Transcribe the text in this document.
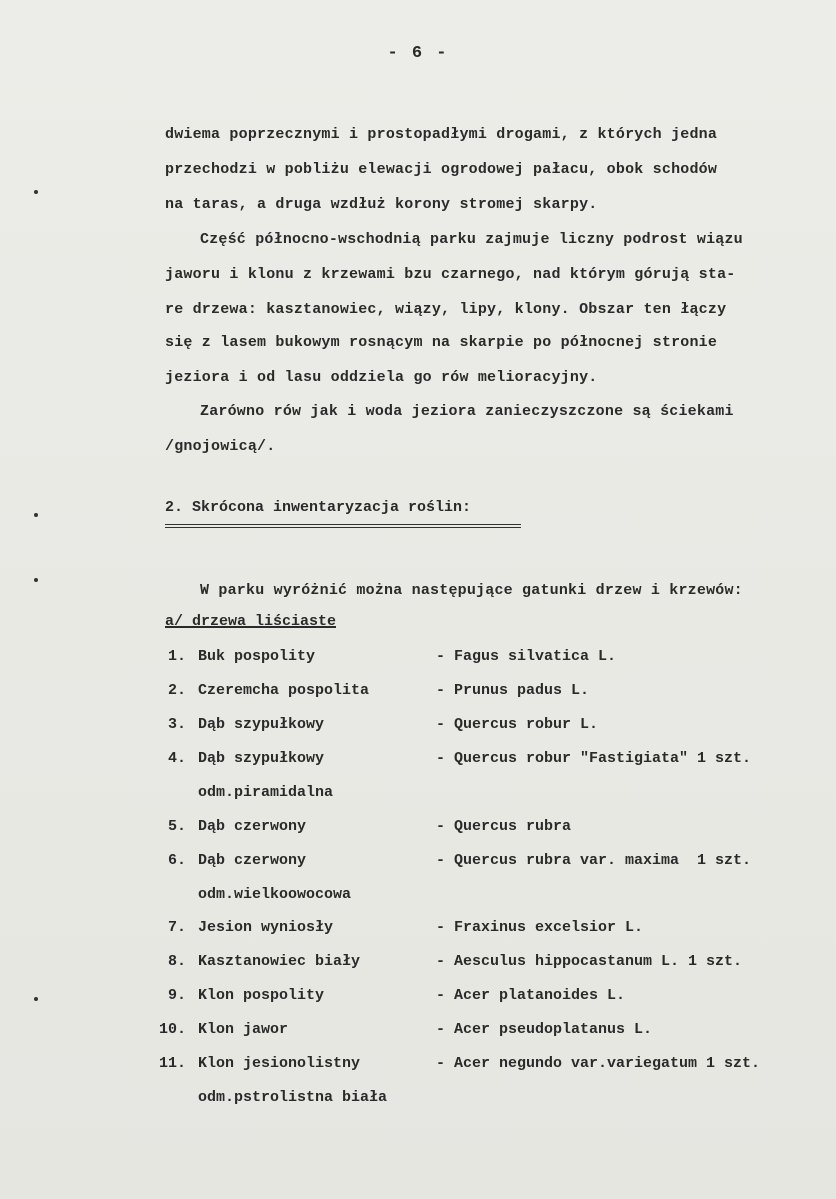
- 6 -
dwiema poprzecznymi i prostopadłymi drogami, z których jedna
przechodzi w pobliżu elewacji ogrodowej pałacu, obok schodów
na taras, a druga wzdłuż korony stromej skarpy.
Część północno-wschodnią parku zajmuje liczny podrost wiązu
jaworu i klonu z krzewami bzu czarnego, nad którym górują sta-
re drzewa: kasztanowiec, wiązy, lipy, klony. Obszar ten łączy
się z lasem bukowym rosnącym na skarpie po północnej stronie
jeziora i od lasu oddziela go rów melioracyjny.
Zarówno rów jak i woda jeziora zanieczyszczone są ściekami
/gnojowicą/.
2. Skrócona inwentaryzacja roślin:
W parku wyróżnić można następujące gatunki drzew i krzewów:
a/ drzewa liściaste
1. Buk pospolity	- Fagus silvatica L.
2. Czeremcha pospolita	- Prunus padus L.
3. Dąb szypułkowy	- Quercus robur L.
4. Dąb szypułkowy	- Quercus robur "Fastigiata" 1 szt.
odm.piramidalna
5. Dąb czerwony	- Quercus rubra
6. Dąb czerwony	- Quercus rubra var. maxima  1 szt.
odm.wielkoowocowa
7. Jesion wyniosły	- Fraxinus excelsior L.
8. Kasztanowiec biały	- Aesculus hippocastanum L. 1 szt.
9. Klon pospolity	- Acer platanoides L.
10. Klon jawor	- Acer pseudoplatanus L.
11. Klon jesionolistny	- Acer negundo var.variegatum 1 szt.
odm.pstrolistna biała
